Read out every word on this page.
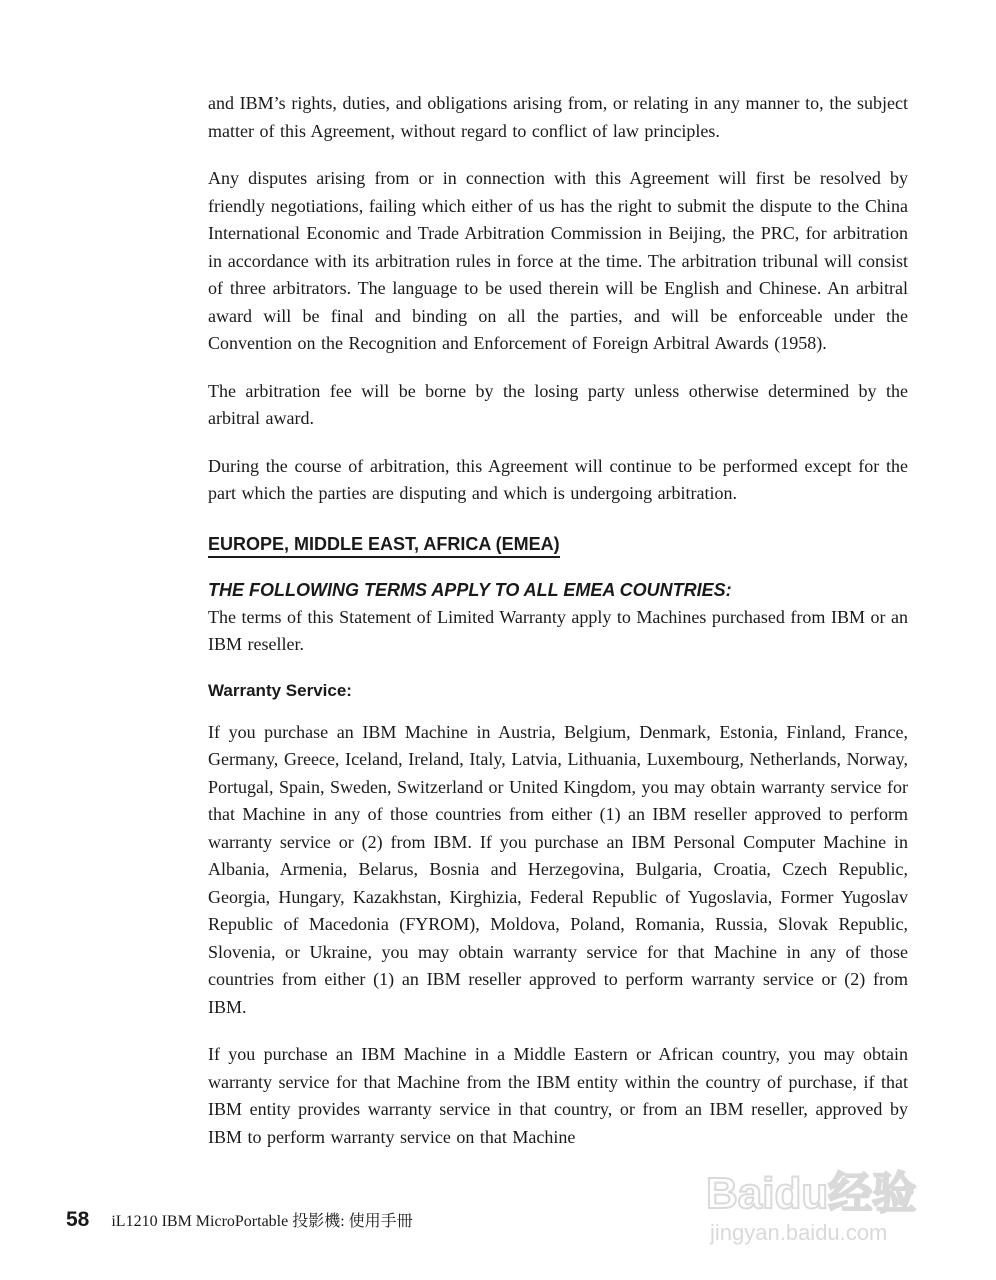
and IBM’s rights, duties, and obligations arising from, or relating in any manner to, the subject matter of this Agreement, without regard to conflict of law principles.

Any disputes arising from or in connection with this Agreement will first be resolved by friendly negotiations, failing which either of us has the right to submit the dispute to the China International Economic and Trade Arbitration Commission in Beijing, the PRC, for arbitration in accordance with its arbitration rules in force at the time. The arbitration tribunal will consist of three arbitrators. The language to be used therein will be English and Chinese. An arbitral award will be final and binding on all the parties, and will be enforceable under the Convention on the Recognition and Enforcement of Foreign Arbitral Awards (1958).

The arbitration fee will be borne by the losing party unless otherwise determined by the arbitral award.

During the course of arbitration, this Agreement will continue to be performed except for the part which the parties are disputing and which is undergoing arbitration.

EUROPE, MIDDLE EAST, AFRICA (EMEA)
THE FOLLOWING TERMS APPLY TO ALL EMEA COUNTRIES:

The terms of this Statement of Limited Warranty apply to Machines purchased from IBM or an IBM reseller.

Warranty Service:

If you purchase an IBM Machine in Austria, Belgium, Denmark, Estonia, Finland, France, Germany, Greece, Iceland, Ireland, Italy, Latvia, Lithuania, Luxembourg, Netherlands, Norway, Portugal, Spain, Sweden, Switzerland or United Kingdom, you may obtain warranty service for that Machine in any of those countries from either (1) an IBM reseller approved to perform warranty service or (2) from IBM. If you purchase an IBM Personal Computer Machine in Albania, Armenia, Belarus, Bosnia and Herzegovina, Bulgaria, Croatia, Czech Republic, Georgia, Hungary, Kazakhstan, Kirghizia, Federal Republic of Yugoslavia, Former Yugoslav Republic of Macedonia (FYROM), Moldova, Poland, Romania, Russia, Slovak Republic, Slovenia, or Ukraine, you may obtain warranty service for that Machine in any of those countries from either (1) an IBM reseller approved to perform warranty service or (2) from IBM.

If you purchase an IBM Machine in a Middle Eastern or African country, you may obtain warranty service for that Machine from the IBM entity within the country of purchase, if that IBM entity provides warranty service in that country, or from an IBM reseller, approved by IBM to perform warranty service on that Machine

58 iL1210 IBM MicroPortable 投影機: 使用手冊
Baidu经验
jingyan.baidu.com
